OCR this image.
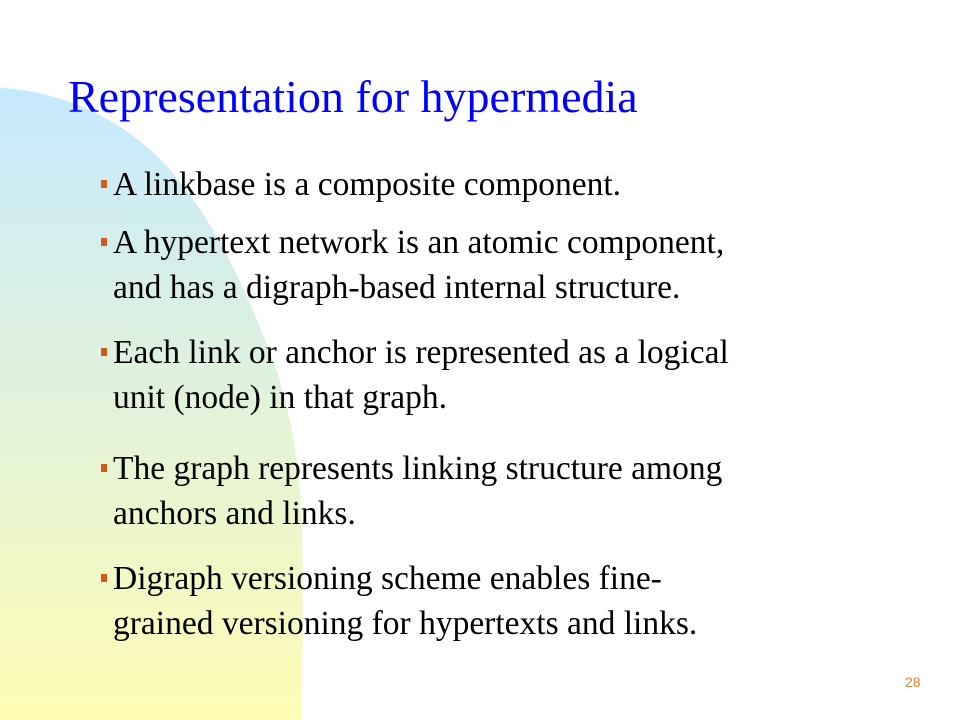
Representation for hypermedia
A linkbase is a composite component.
A hypertext network is an atomic component,
and has a digraph-based internal structure.
Each link or anchor is represented as a logical
unit (node) in that graph.
The graph represents linking structure among
anchors and links.
Digraph versioning scheme enables fine-
grained versioning for hypertexts and links.
28
